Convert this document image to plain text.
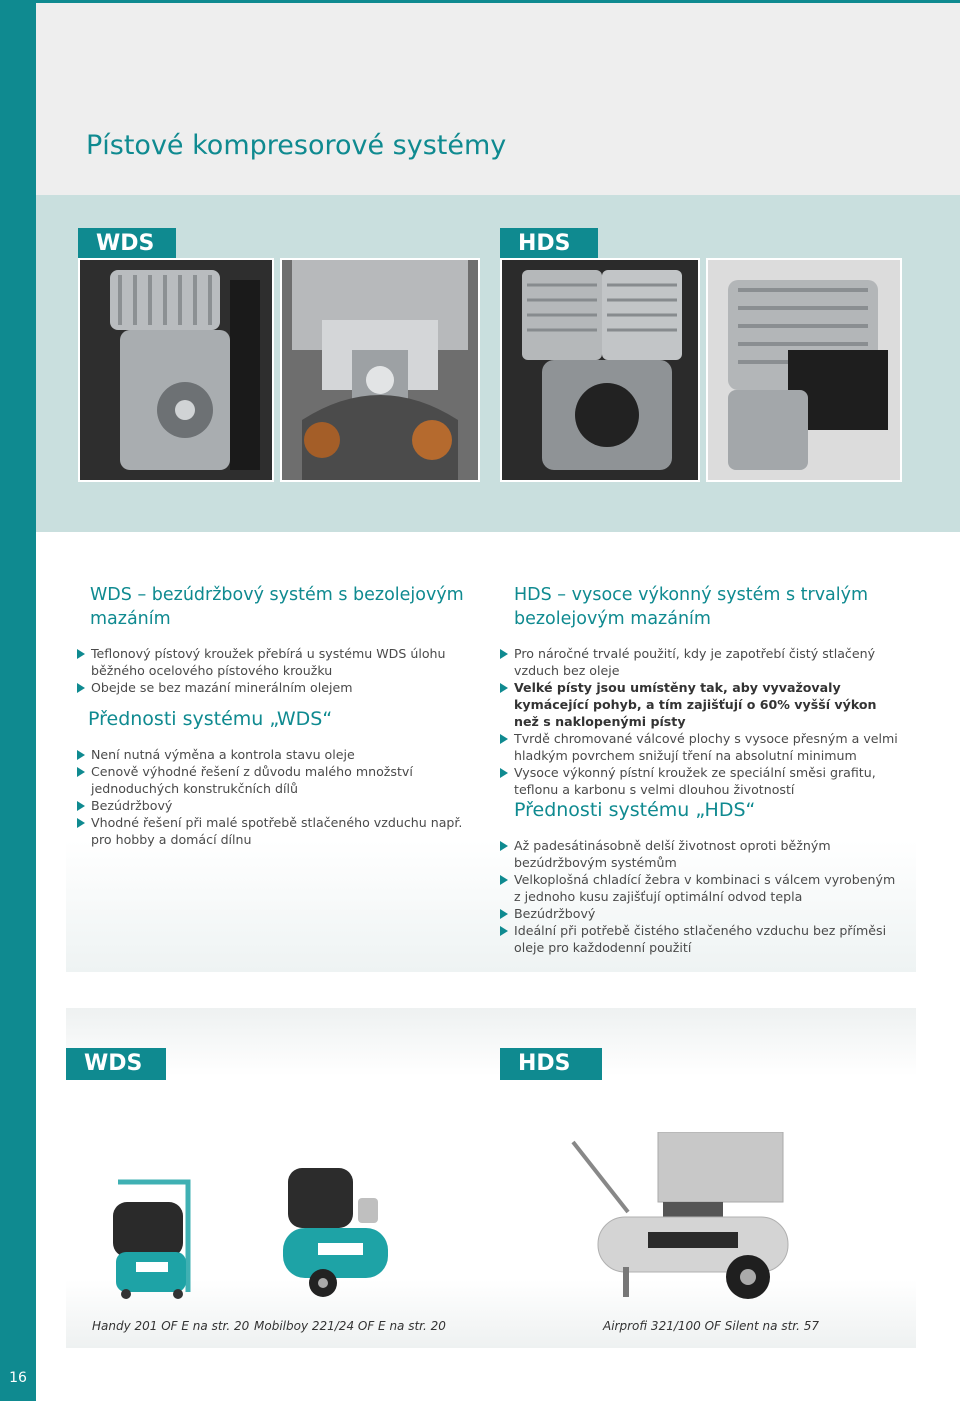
Pístové kompresorové systémy
WDS	HDS
WDS – bezúdržbový systém s bezolejovým
mazáním
Teflonový pístový kroužek přebírá u systému WDS úlohu běžného ocelového pístového kroužku
Obejde se bez mazání minerálním olejem
Přednosti systému „WDS“
Není nutná výměna a kontrola stavu oleje
Cenově výhodné řešení z důvodu malého množství jednoduchých konstrukčních dílů
Bezúdržbový
Vhodné řešení při malé spotřebě stlačeného vzduchu např. pro hobby a domácí dílnu
HDS – vysoce výkonný systém s trvalým
bezolejovým mazáním
Pro náročné trvalé použití, kdy je zapotřebí čistý stlačený vzduch bez oleje
Velké písty jsou umístěny tak, aby vyvažovaly kymácející pohyb, a tím zajišťují o 60% vyšší výkon než s naklopenými písty
Tvrdě chromované válcové plochy s vysoce přesným a velmi hladkým povrchem snižují tření na absolutní minimum
Vysoce výkonný pístní kroužek ze speciální směsi grafitu, teflonu a karbonu s velmi dlouhou životností
Přednosti systému „HDS“
Až padesátinásobně delší životnost oproti běžným bezúdržbovým systémům
Velkoplošná chladící žebra v kombinaci s válcem vyrobeným z jednoho kusu zajišťují optimální odvod tepla
Bezúdržbový
Ideální při potřebě čistého stlačeného vzduchu bez příměsi oleje pro každodenní použití
WDS	HDS
Handy 201 OF E na str. 20 Mobilboy 221/24 OF E na str. 20	Airprofi 321/100 OF Silent na str. 57
16
